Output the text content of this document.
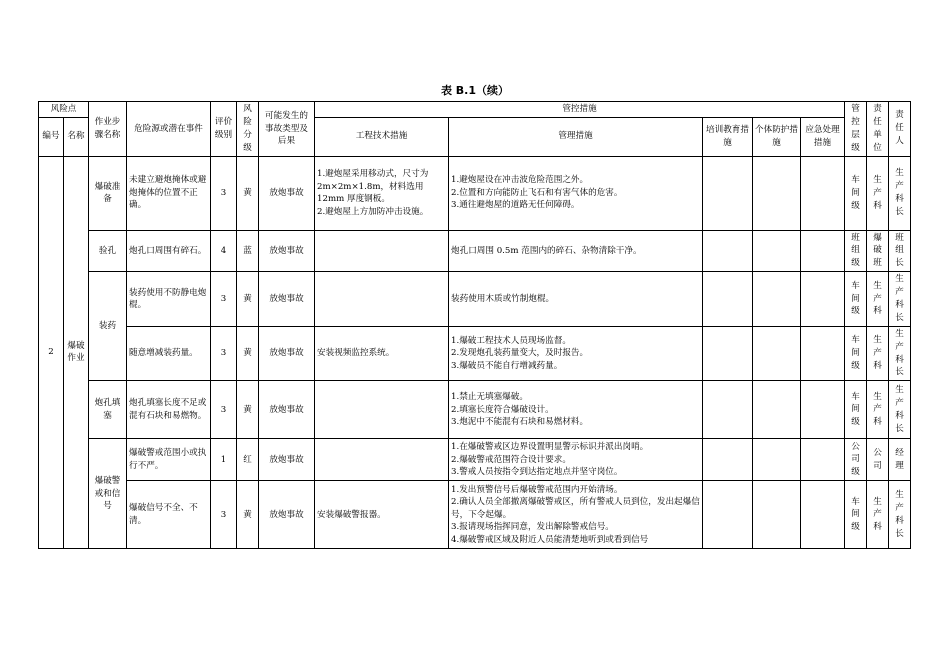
表 B.1（续）
风险点		作业步骤名称	危险源或潜在事件	评价级别	风险分级	可能发生的事故类型及后果	管控措施					管控层级	责任单位	责任人
编号	名称						工程技术措施	管理措施	培训教育措施	个体防护措施	应急处理措施			
2	爆破作业	爆破准备	未建立避炮掩体或避炮掩体的位置不正确。	3	黄	放炮事故	1.避炮屋采用移动式，尺寸为 2m×2m×1.8m，材料选用 12mm 厚度钢板。
2.避炮屋上方加防冲击设施。	1.避炮屋设在冲击波危险范围之外。
2.位置和方向能防止飞石和有害气体的危害。
3.通往避炮屋的道路无任何障碍。				车间级	生产科	生产科长
		验孔	炮孔口周围有碎石。	4	蓝	放炮事故		炮孔口周围 0.5m 范围内的碎石、杂物清除干净。				班组级	爆破班	班组长
		装药	装药使用不防静电炮棍。	3	黄	放炮事故		装药使用木质或竹制炮棍。				车间级	生产科	生产科长
			随意增减装药量。	3	黄	放炮事故	安装视频监控系统。	1.爆破工程技术人员现场监督。
2.发现炮孔装药量变大，及时报告。
3.爆破员不能自行增减药量。				车间级	生产科	生产科长
		炮孔填塞	炮孔填塞长度不足或混有石块和易燃物。	3	黄	放炮事故		1.禁止无填塞爆破。
2.填塞长度符合爆破设计。
3.炮泥中不能混有石块和易燃材料。				车间级	生产科	生产科长
		爆破警戒和信号	爆破警戒范围小或执行不严。	1	红	放炮事故		1.在爆破警戒区边界设置明显警示标识并派出岗哨。
2.爆破警戒范围符合设计要求。
3.警戒人员按指令到达指定地点并坚守岗位。				公司级	公司	经理
			爆破信号不全、不清。	3	黄	放炮事故	安装爆破警报器。	1.发出预警信号后爆破警戒范围内开始清场。
2.确认人员全部撤离爆破警戒区，所有警戒人员到位，发出起爆信号，下令起爆。

3.报请现场指挥同意，发出解除警戒信号。
4.爆破警戒区域及附近人员能清楚地听到或看到信号				车间级	生产科	生产科长
